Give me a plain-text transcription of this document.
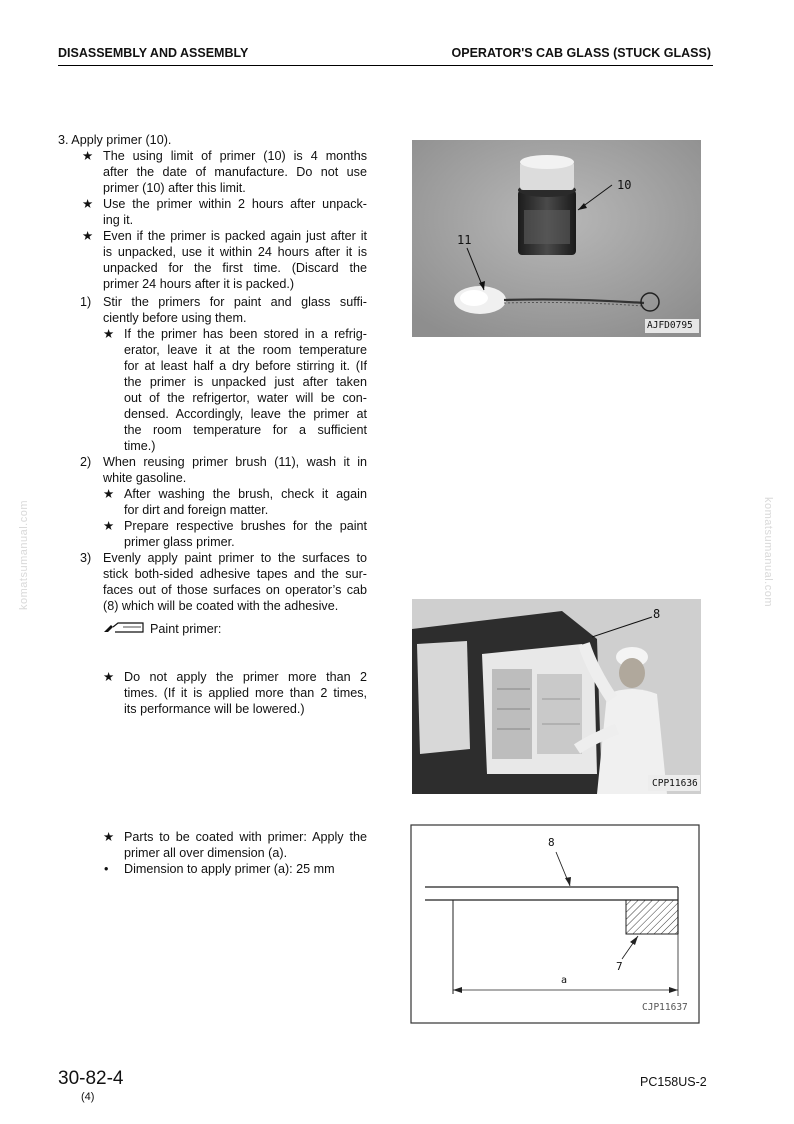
DISASSEMBLY AND ASSEMBLY	OPERATOR'S CAB GLASS (STUCK GLASS)
komatsumanual.com	komatsumanual.com
3. Apply primer (10).
★ The using limit of primer (10) is 4 months
after the date of manufacture. Do not use
primer (10) after this limit.
★ Use the primer within 2 hours after unpack-
ing it.
★ Even if the primer is packed again just after it
is unpacked, use it within 24 hours after it is
unpacked for the first time. (Discard the
primer 24 hours after it is packed.)
1) Stir the primers for paint and glass suffi-
ciently before using them.
★ If the primer has been stored in a refrig-
erator, leave it at the room temperature
for at least half a dry before stirring it. (If
the primer is unpacked just after taken
out of the refrigertor, water will be con-
densed. Accordingly, leave the primer at
the room temperature for a sufficient
time.)
2) When reusing primer brush (11), wash it in
white gasoline.
★ After washing the brush, check it again
for dirt and foreign matter.
★ Prepare respective brushes for the paint
primer glass primer.
3) Evenly apply paint primer to the surfaces to
stick both-sided adhesive tapes and the sur-
faces out of those surfaces on operator’s cab
(8) which will be coated with the adhesive.
Paint primer:
★ Do not apply the primer more than 2
times. (If it is applied more than 2 times,
its performance will be lowered.)
★ Parts to be coated with primer: Apply the
primer all over dimension (a).
• Dimension to apply primer (a): 25 mm
10
11
AJFD0795
8
CPP11636
8
7
a
CJP11637
30-82-4
(4)
PC158US-2
